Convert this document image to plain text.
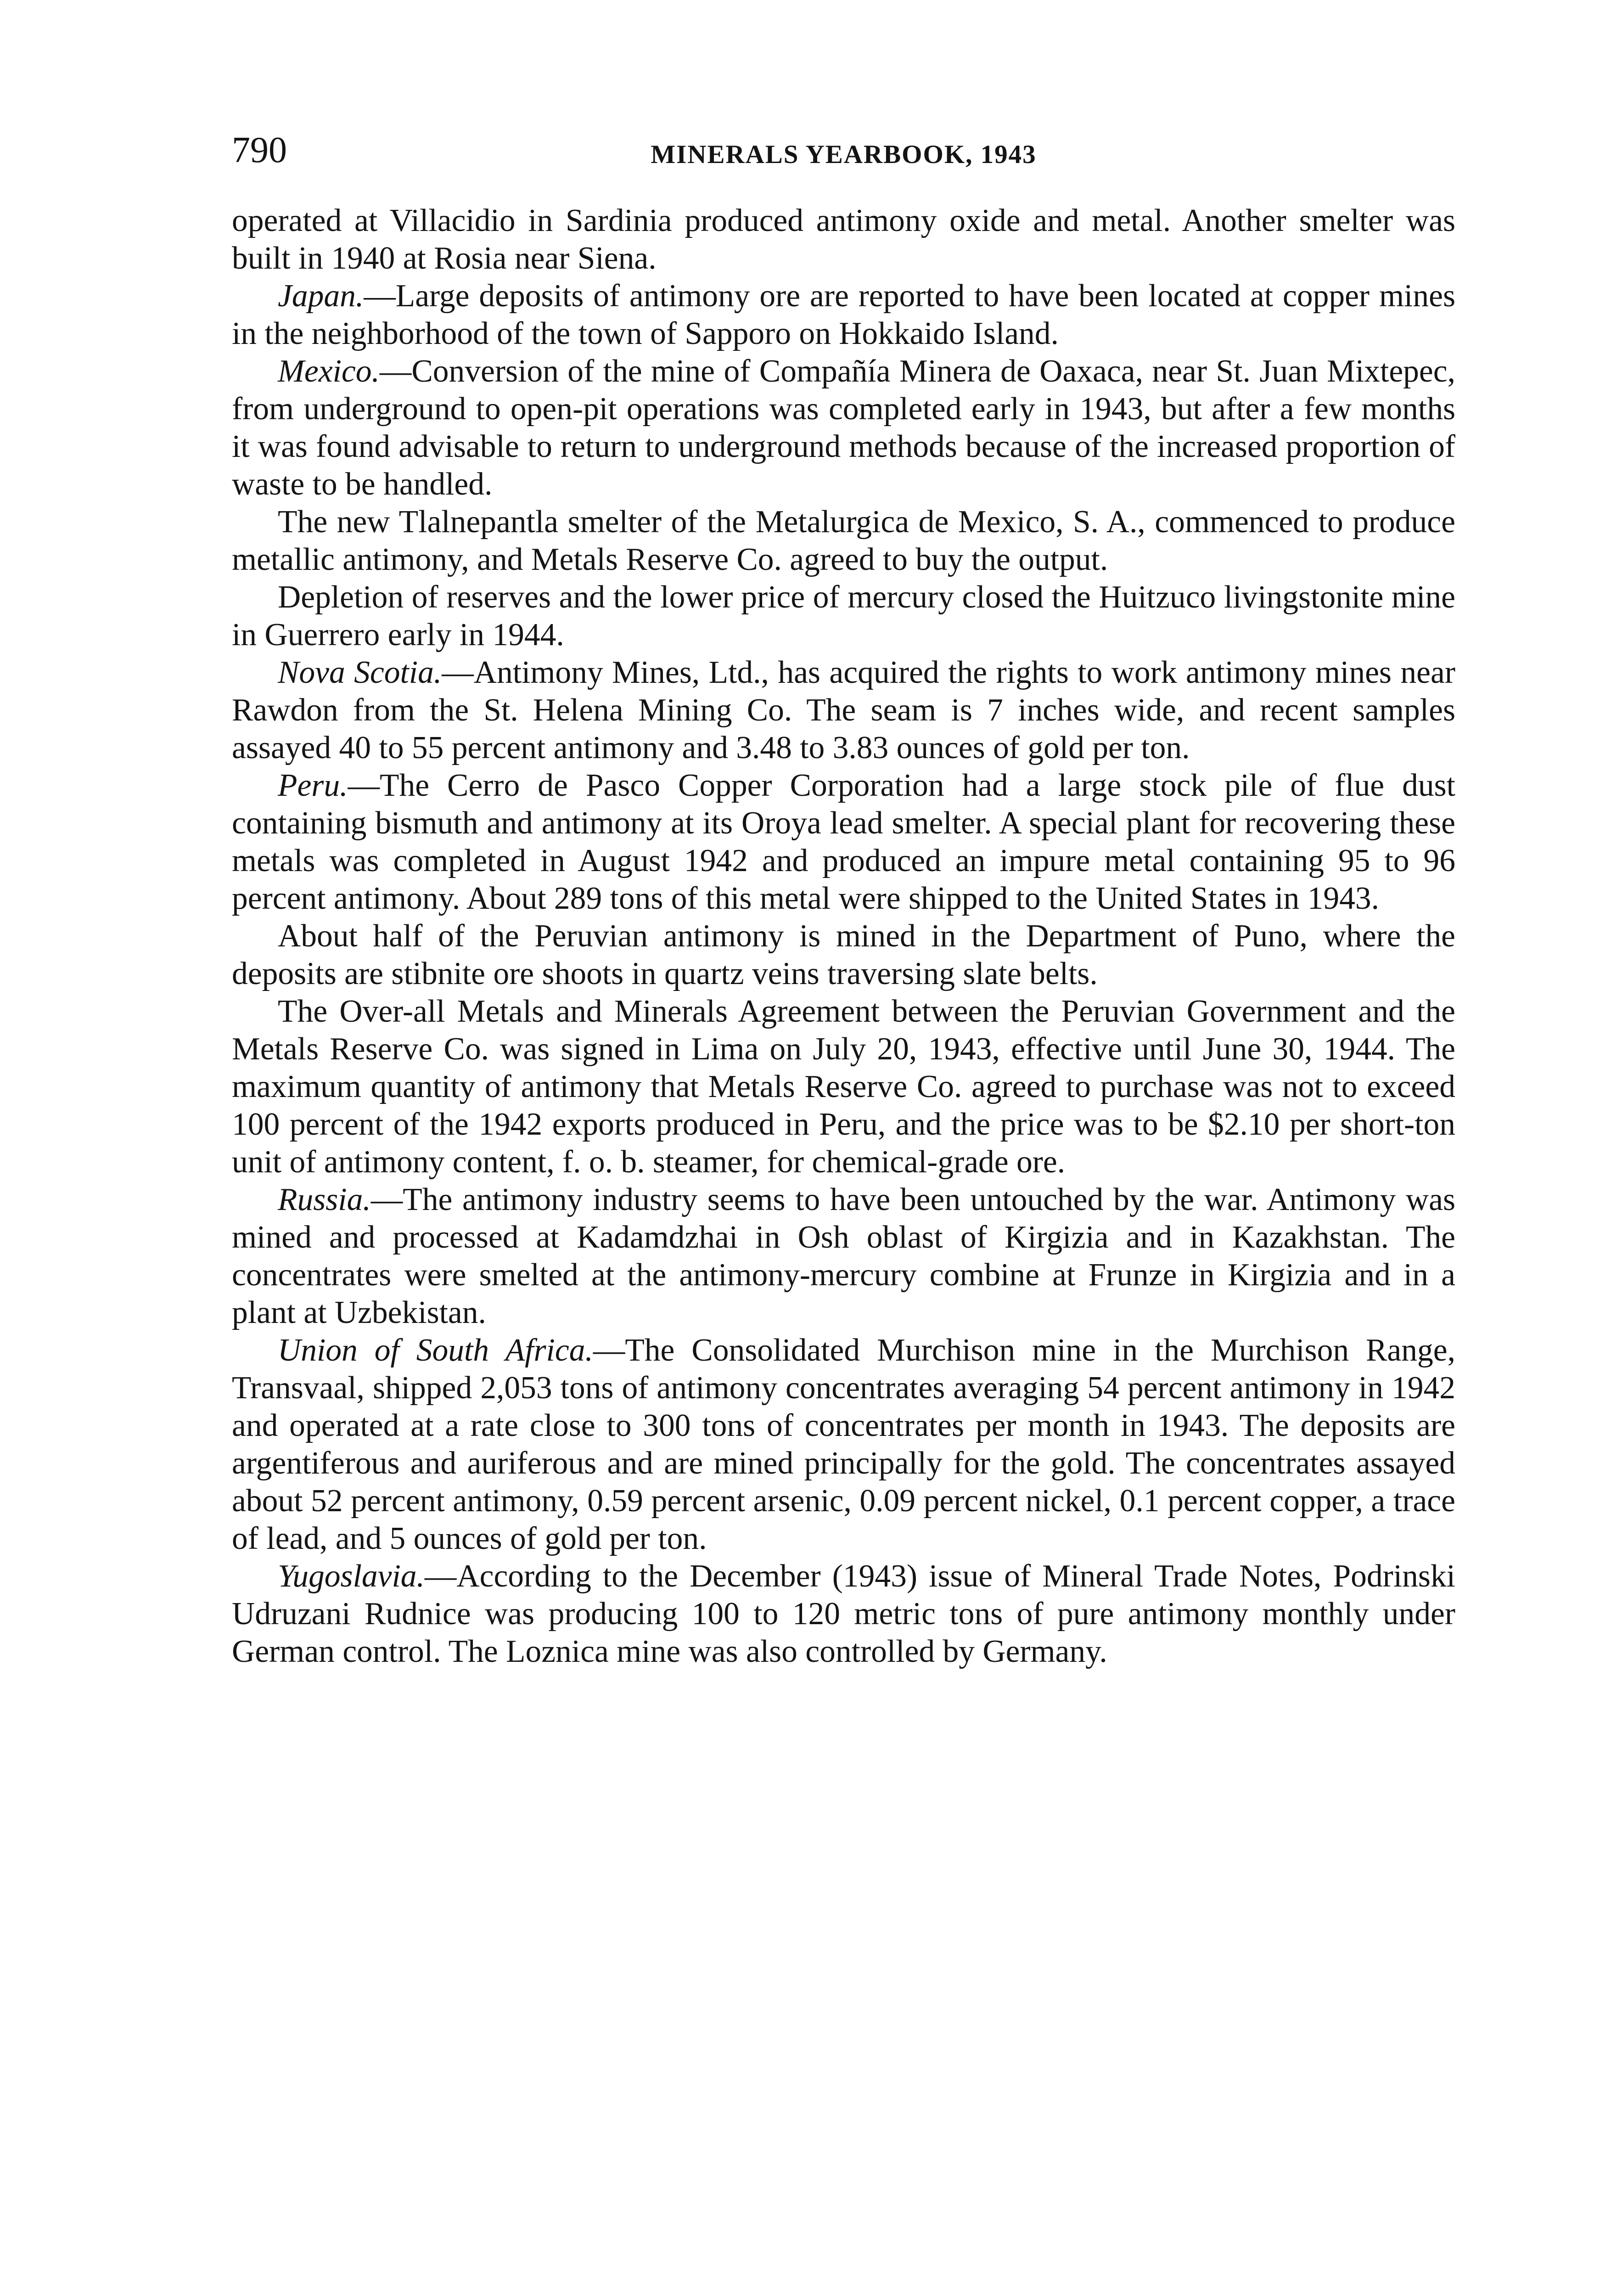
790	MINERALS YEARBOOK, 1943

operated at Villacidio in Sardinia produced antimony oxide and metal. Another smelter was built in 1940 at Rosia near Siena.

Japan.—Large deposits of antimony ore are reported to have been located at copper mines in the neighborhood of the town of Sapporo on Hokkaido Island.

Mexico.—Conversion of the mine of Compañía Minera de Oaxaca, near St. Juan Mixtepec, from underground to open-pit operations was completed early in 1943, but after a few months it was found advisable to return to underground methods because of the increased proportion of waste to be handled.

The new Tlalnepantla smelter of the Metalurgica de Mexico, S. A., commenced to produce metallic antimony, and Metals Reserve Co. agreed to buy the output.

Depletion of reserves and the lower price of mercury closed the Huitzuco livingstonite mine in Guerrero early in 1944.

Nova Scotia.—Antimony Mines, Ltd., has acquired the rights to work antimony mines near Rawdon from the St. Helena Mining Co. The seam is 7 inches wide, and recent samples assayed 40 to 55 percent antimony and 3.48 to 3.83 ounces of gold per ton.

Peru.—The Cerro de Pasco Copper Corporation had a large stock pile of flue dust containing bismuth and antimony at its Oroya lead smelter. A special plant for recovering these metals was completed in August 1942 and produced an impure metal containing 95 to 96 percent antimony. About 289 tons of this metal were shipped to the United States in 1943.

About half of the Peruvian antimony is mined in the Department of Puno, where the deposits are stibnite ore shoots in quartz veins traversing slate belts.

The Over-all Metals and Minerals Agreement between the Peruvian Government and the Metals Reserve Co. was signed in Lima on July 20, 1943, effective until June 30, 1944. The maximum quantity of antimony that Metals Reserve Co. agreed to purchase was not to exceed 100 percent of the 1942 exports produced in Peru, and the price was to be $2.10 per short-ton unit of antimony content, f. o. b. steamer, for chemical-grade ore.

Russia.—The antimony industry seems to have been untouched by the war. Antimony was mined and processed at Kadamdzhai in Osh oblast of Kirgizia and in Kazakhstan. The concentrates were smelted at the antimony-mercury combine at Frunze in Kirgizia and in a plant at Uzbekistan.

Union of South Africa.—The Consolidated Murchison mine in the Murchison Range, Transvaal, shipped 2,053 tons of antimony concentrates averaging 54 percent antimony in 1942 and operated at a rate close to 300 tons of concentrates per month in 1943. The deposits are argentiferous and auriferous and are mined principally for the gold. The concentrates assayed about 52 percent antimony, 0.59 percent arsenic, 0.09 percent nickel, 0.1 percent copper, a trace of lead, and 5 ounces of gold per ton.

Yugoslavia.—According to the December (1943) issue of Mineral Trade Notes, Podrinski Udruzani Rudnice was producing 100 to 120 metric tons of pure antimony monthly under German control. The Loznica mine was also controlled by Germany.
